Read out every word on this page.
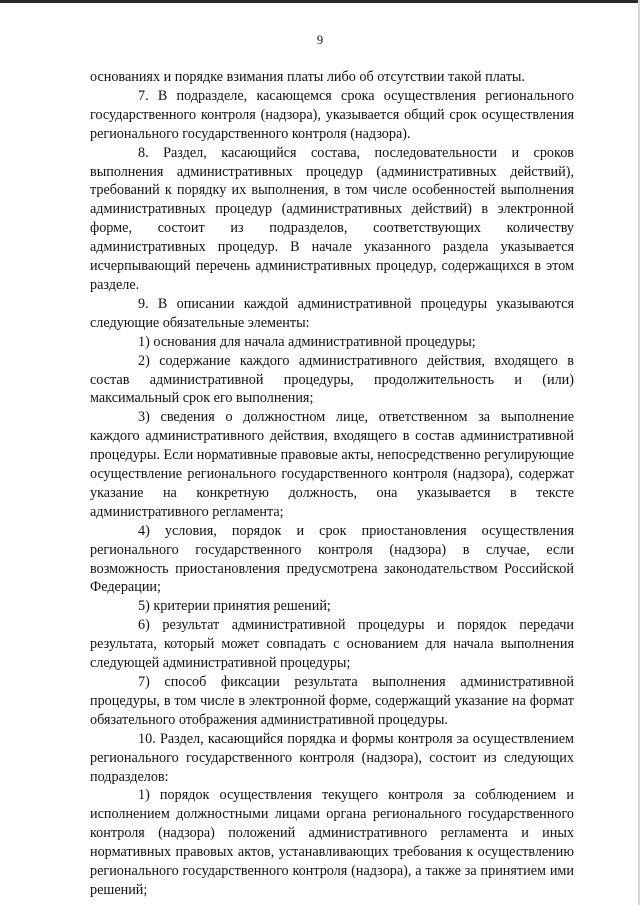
9

основаниях и порядке взимания платы либо об отсутствии такой платы.

7. В подразделе, касающемся срока осуществления регионального государственного контроля (надзора), указывается общий срок осуществления регионального государственного контроля (надзора).

8. Раздел, касающийся состава, последовательности и сроков выполнения административных процедур (административных действий), требований к порядку их выполнения, в том числе особенностей выполнения административных процедур (административных действий) в электронной форме, состоит из подразделов, соответствующих количеству административных процедур. В начале указанного раздела указывается исчерпывающий перечень административных процедур, содержащихся в этом разделе.

9. В описании каждой административной процедуры указываются следующие обязательные элементы:

1) основания для начала административной процедуры;

2) содержание каждого административного действия, входящего в состав административной процедуры, продолжительность и (или) максимальный срок его выполнения;

3) сведения о должностном лице, ответственном за выполнение каждого административного действия, входящего в состав административной процедуры. Если нормативные правовые акты, непосредственно регулирующие осуществление регионального государственного контроля (надзора), содержат указание на конкретную должность, она указывается в тексте административного регламента;

4) условия, порядок и срок приостановления осуществления регионального государственного контроля (надзора) в случае, если возможность приостановления предусмотрена законодательством Российской Федерации;

5) критерии принятия решений;

6) результат административной процедуры и порядок передачи результата, который может совпадать с основанием для начала выполнения следующей административной процедуры;

7) способ фиксации результата выполнения административной процедуры, в том числе в электронной форме, содержащий указание на формат обязательного отображения административной процедуры.

10. Раздел, касающийся порядка и формы контроля за осуществлением регионального государственного контроля (надзора), состоит из следующих подразделов:

1) порядок осуществления текущего контроля за соблюдением и исполнением должностными лицами органа регионального государственного контроля (надзора) положений административного регламента и иных нормативных правовых актов, устанавливающих требования к осуществлению регионального государственного контроля (надзора), а также за принятием ими решений;
